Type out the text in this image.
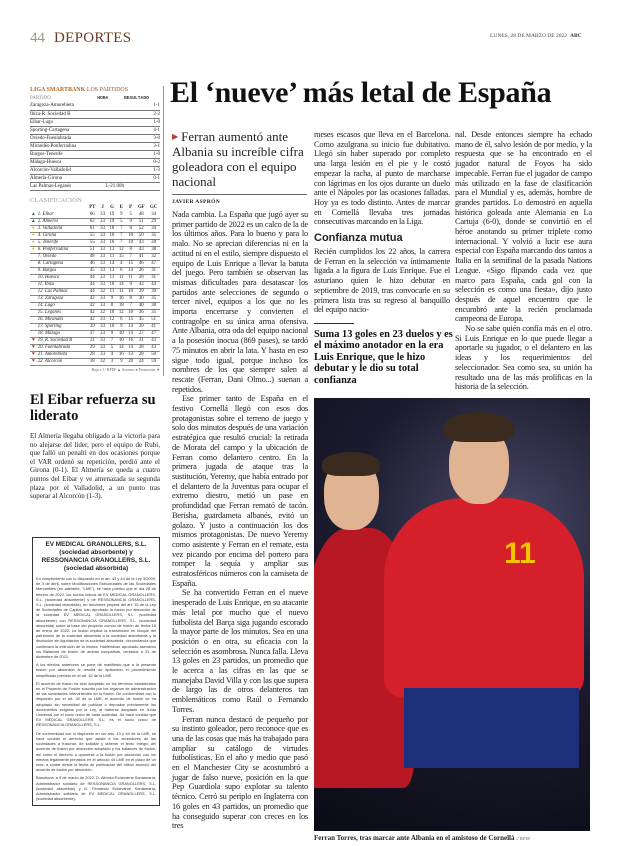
44 DEPORTES	LUNES, 28 DE MARZO DE 2022 ABC
LIGA SMARTBANK LOS PARTIDOS
PARTIDO	HORA	RESULTADO
Zaragoza-Amorebieta		1-1
Ibiza-R. Sociedad B		2-2
Eibar-Lugo		1-0
Sporting-Cartagena		4-1
Oviedo-Fuenlabrada		3-0
Mirandés-Ponferradina		3-1
Burgos-Tenerife		1-0
Málaga-Huesca		0-2
Alcorcón-Valladolid		1-3
Almería-Girona		0-1
Las Palmas-Leganés	L-21.00h	
CLASIFICACIÓN
		PT	J	G	E	P	GF	GC
▲	1. Eibar	66	33	19	9	5	48	34
▲	2. Almería	62	33	19	5	9	51	29
●	3. Valladolid	61	33	18	7	8	52	34
●	4. Girona	55	33	16	7	10	50	35
●	5. Tenerife	55	33	16	7	10	43	28
●	6. Ponferradina	51	33	13	12	8	43	38
	7. Oviedo	48	33	11	15	7	41	32
	8. Cartagena	46	33	14	4	15	46	47
	9. Burgos	45	33	13	6	14	26	31
	10. Huesca	44	33	11	11	11	28	31
	11. Ibiza	44	33	10	14	9	43	44
	12. Las Palmas	44	32	11	11	10	39	39
	13. Zaragoza	42	33	9	16	8	30	35
	14. Lugo	42	33	8	18	7	40	38
	15. Leganés	42	32	10	12	10	36	35
	16. Mirandés	42	33	12	6	15	45	51
	17. Sporting	39	33	10	9	14	39	41
	18. Málaga	37	33	9	10	14	27	47
▼	19. R. Sociedad B	31	33	7	10	16	31	43
▼	20. Fuenlabrada	29	33	5	14	14	28	43
▼	21. Amorebieta	28	33	4	16	13	28	50
▼	22. Alcorcón	18	32	3	9	20	24	59
Baja a 1.ª RFEF ▲ Ascenso ● Promoción ▼
El Eibar refuerza su liderato
El Almería llegaba obligado a la victoria para no alejarse del líder, pero el equipo de Rubi, que falló un penalti en dos ocasiones porque el VAR ordenó su repetición, perdió ante el Girona (0-1). El Almería se queda a cuatro puntos del Eibar y ve amenazada su segunda plaza por el Valladolid, a un punto tras superar al Alcorcón (1-3).
EV MEDICAL GRANOLLERS, S.L. (sociedad absorbente) y RESSONANCIA GRANOLLERS, S.L. (sociedad absorbida)

En cumplimiento con lo dispuesto en el art. 43 y 44 de la Ley 3/2009, de 3 de abril, sobre Modificaciones Estructurales de las Sociedades Mercantiles (en adelante, "LME"), se hace público que el día 28 de febrero de 2022, los socios únicos de EV MEDICAL GRANOLLERS, S.L. (sociedad absorbente) y de RESSONANCIA GRANOLLERS, S.L. (sociedad absorbida), en funciones propias del art. 15 de la Ley de Sociedades de Capital, han aprobado la fusión por absorción de la sociedad EV MEDICAL GRANOLLERS, S.L. (sociedad absorbente) con RESSONANCIA GRANOLLERS, S.L. (sociedad absorbida) sobre la base del proyecto común de fusión de fecha 18 de enero de 2022. La fusión implica la transmisión en bloque del patrimonio de la sociedad absorbida a la sociedad absorbente y la disolución sin liquidación de la sociedad absorbida, circunstancia que conllevará la extinción de la misma. Habiéndose aprobado asimismo los Balances de fusión de ambas compañías, cerrados a 31 de diciembre de 2021.

A los efectos anteriores se pone de manifiesto que a la presente fusión por absorción le resulta de aplicación el procedimiento simplificado previsto en el art. 42 de la LME.

El acuerdo de fusión ha sido adoptado en los términos establecidos en el Proyecto de Fusión suscrito por los órganos de administración de las sociedades intervinientes en la fusión. De conformidad con lo dispuesto por el art. 42 de la LME, el acuerdo de fusión se ha adoptado sin necesidad de publicar o depositar previamente los documentos exigidos por la Ley, al haberse adoptado en Junta Universal por el socio único de cada sociedad. Se hace constar que EV MEDICAL GRANOLLERS, S.L. es el socio único de RESSONANCIA GRANOLLERS, S.L.

De conformidad con lo dispuesto en los arts. 43 y 44 de la LME, se hace constar el derecho que asiste a los acreedores de las sociedades a fusionar, de solicitar y obtener el texto íntegro del acuerdo de fusión por absorción adoptado y los balances de fusión, así como el derecho a oponerse a la fusión por absorción con los efectos legalmente previstos en el artículo 44 LME en el plazo de un mes, a contar desde la fecha de publicación del último anuncio del acuerdo de fusión por absorción.

Barcelona, a 9 de marzo de 2022. D. Alfonso Echevarne Santamaría, Administrador solidario de RESSONANCIA GRANOLLERS, S.L. (sociedad absorbida) y D. Fernando Echevarne Santamaría, Administrador solidario de EV MEDICAL GRANOLLERS, S.L. (sociedad absorbente).

El ‘nueve’ más letal de España
▶ Ferran aumentó ante Albania su increíble cifra goleadora con el equipo nacional
JAVIER ASPRÓN

Nada cambia. La España que jugó ayer su primer partido de 2022 es un calco de la de los últimos años. Para lo bueno y para lo malo. No se aprecian diferencias ni en la actitud ni en el estilo, siempre dispuesto el equipo de Luis Enrique a llevar la batuta del juego. Pero también se observan las mismas dificultades para desatascar los partidos ante selecciones de segundo o tercer nivel, equipos a los que no les importa encerrarse y convierten el contragolpe en su única arma ofensiva. Ante Albania, otra oda del equipo nacional a la posesión inocua (869 pases), se tardó 75 minutos en abrir la lata. Y hasta en eso sigue todo igual, porque incluso los nombres de los que siempre salen al rescate (Ferran, Dani Olmo...) suenan a repetidos.

Ese primer tanto de España en el festivo Cornellá llegó con esos dos protagonistas sobre el terreno de juego y solo dos minutos después de una variación estratégica que resultó crucial: la retirada de Morata del campo y la ubicación de Ferran como delantero centro. En la primera jugada de ataque tras la sustitución, Yeremy, que había entrado por el delantero de la Juventus para ocupar el extremo diestro, metió un pase en profundidad que Ferran remató de tacón. Berisha, guardameta albanés, evitó un golazo. Y justo a continuación los dos mismos protagonistas. De nuevo Yeremy como asistente y Ferran en el remate, esta vez picando por encima del portero para romper la sequía y ampliar sus estratosféricos números con la camiseta de España.

Se ha convertido Ferran en el nueve inesperado de Luis Enrique, en su atacante más letal por mucho que el nuevo futbolista del Barça siga jugando escorado la mayor parte de los minutos. Sea en una posición o en otra, su eficacia con la selección es asombrosa. Nunca falla. Lleva 13 goles en 23 partidos, un promedio que le acerca a las cifras en las que se manejaba David Villa y con las que supera de largo las de otros delanteros tan emblemáticos como Raúl o Fernando Torres.

Ferran nunca destacó de pequeño por su instinto goleador, pero reconoce que es una de las cosas que más ha trabajado para ampliar su catálogo de virtudes futbolísticas. En el año y medio que pasó en el Manchester City se acostumbró a jugar de falso nueve, posición en la que Pep Guardiola supo explotar su talento técnico. Cerró su periplo en Inglaterra con 16 goles en 43 partidos, un promedio que ha conseguido superar con creces en los tres

meses escasos que lleva en el Barcelona. Como azulgrana su inicio fue dubitativo. Llegó sin haber superado por completo una larga lesión en el pie y le costó empezar la racha, al punto de marcharse con lágrimas en los ojos durante un duelo ante el Nápoles por las ocasiones falladas. Hoy ya es todo distinto. Antes de marcar en Cornellá llevaba tres jornadas consecutivas marcando en la Liga.

Confianza mutua

Recién cumplidos los 22 años, la carrera de Ferran en la selección va íntimamente ligada a la figura de Luis Enrique. Fue el asturiano quien le hizo debutar en septiembre de 2019, tras convocarle en su primera lista tras su regreso al banquillo del equipo nacio-

Suma 13 goles en 23 duelos y es el máximo anotador en la era Luis Enrique, que le hizo debutar y le dio su total confianza

nal. Desde entonces siempre ha echado mano de él, salvo lesión de por medio, y la respuesta que se ha encontrado en el jugador natural de Foyos ha sido impecable. Ferran fue el jugador de campo más utilizado en la fase de clasificación para el Mundial y es, además, hombre de grandes partidos. Lo demostró en aquella histórica goleada ante Alemania en La Cartuja (6-0), donde se convirtió en el héroe anotando su primer triplete como internacional. Y volvió a lucir ese aura especial con España marcando dos tantos a Italia en la semifinal de la pasada Nations League. «Sigo flipando cada vez que marco para España, cada gol con la selección es como una fiesta», dijo justo después de aquel encuentro que le encumbró ante la recién proclamada campeona de Europa.

No se sabe quién confía más en el otro. Si Luis Enrique en lo que puede llegar a aportarle su jugador, o el delantero en las ideas y los requerimientos del seleccionador. Sea como sea, su unión ha resultado una de las más prolíficas en la historia de la selección.

11
Ferran Torres, tras marcar ante Albania en el amistoso de Cornellá // RFEF
